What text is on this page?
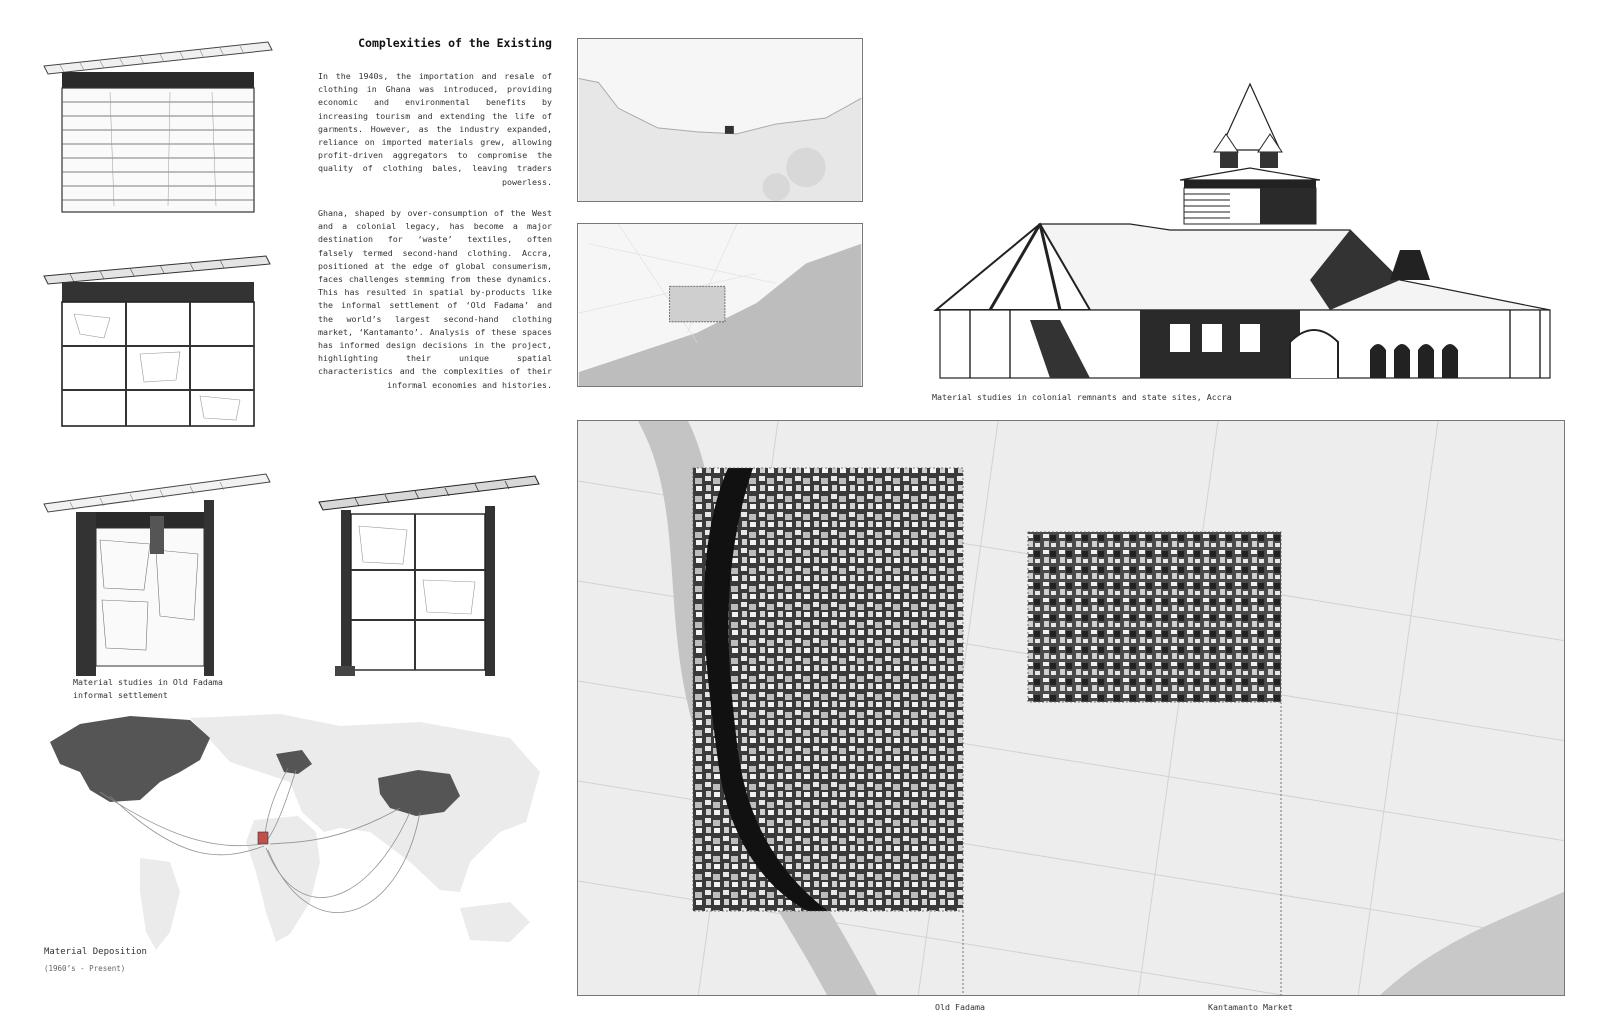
Material studies in Old Fadama
informal settlement
Complexities of the Existing
In the 1940s, the importation and resale of clothing in Ghana was introduced, providing economic and environmental benefits by increasing tourism and extending the life of garments. However, as the industry expanded, reliance on imported materials grew, allowing profit-driven aggregators to compromise the quality of clothing bales, leaving traders powerless.
Ghana, shaped by over-consumption of the West and a colonial legacy, has become a major destination for ‘waste’ textiles, often falsely termed second-hand clothing. Accra, positioned at the edge of global consumerism, faces challenges stemming from these dynamics. This has resulted in spatial by-products like the informal settlement of ‘Old Fadama’ and the world’s largest second-hand clothing market, ‘Kantamanto’. Analysis of these spaces has informed design decisions in the project, highlighting their unique spatial characteristics and the complexities of their informal economies and histories.
Material Deposition
(1960’s - Present)
Material studies in colonial remnants and state sites, Accra
Old Fadama	Kantamanto Market
